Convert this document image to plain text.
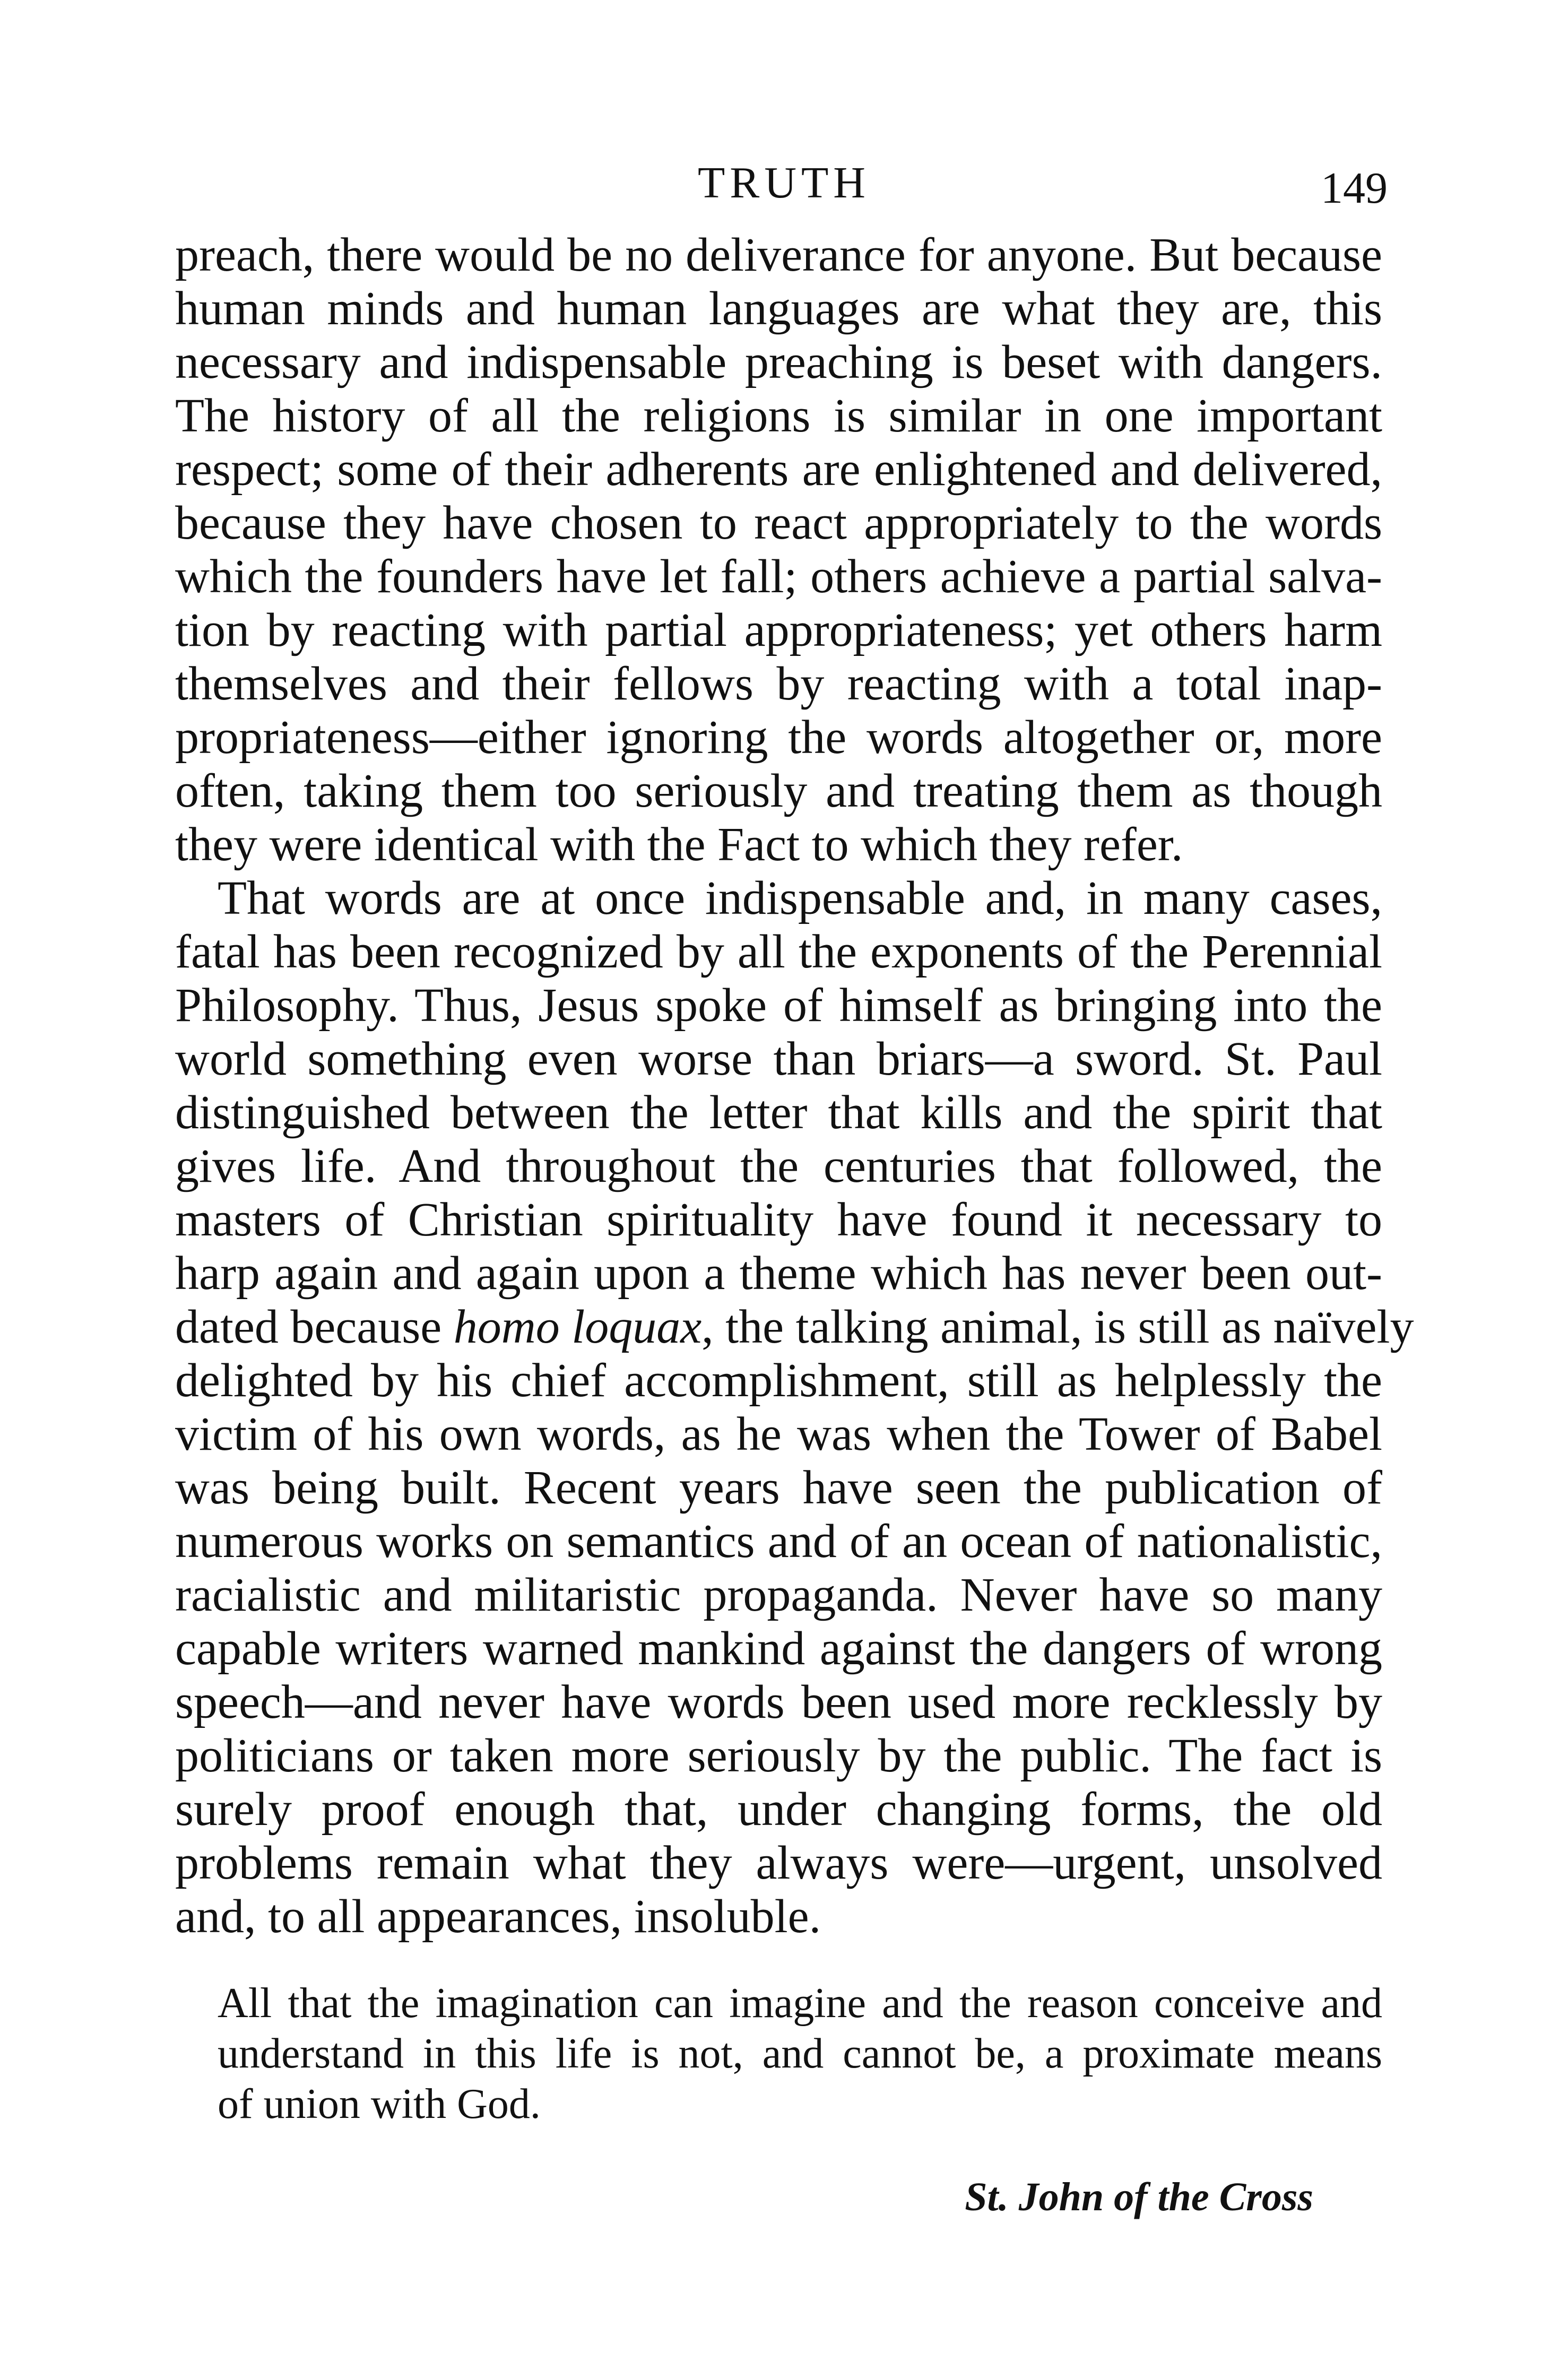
TRUTH	149
preach, there would be no deliverance for anyone. But because
human minds and human languages are what they are, this
necessary and indispensable preaching is beset with dangers.
The history of all the religions is similar in one important
respect; some of their adherents are enlightened and delivered,
because they have chosen to react appropriately to the words
which the founders have let fall; others achieve a partial salva-
tion by reacting with partial appropriateness; yet others harm
themselves and their fellows by reacting with a total inap-
propriateness—either ignoring the words altogether or, more
often, taking them too seriously and treating them as though
they were identical with the Fact to which they refer.
That words are at once indispensable and, in many cases,
fatal has been recognized by all the exponents of the Perennial
Philosophy. Thus, Jesus spoke of himself as bringing into the
world something even worse than briars—a sword. St. Paul
distinguished between the letter that kills and the spirit that
gives life. And throughout the centuries that followed, the
masters of Christian spirituality have found it necessary to
harp again and again upon a theme which has never been out-
dated because homo loquax, the talking animal, is still as naïvely
delighted by his chief accomplishment, still as helplessly the
victim of his own words, as he was when the Tower of Babel
was being built. Recent years have seen the publication of
numerous works on semantics and of an ocean of nationalistic,
racialistic and militaristic propaganda. Never have so many
capable writers warned mankind against the dangers of wrong
speech—and never have words been used more recklessly by
politicians or taken more seriously by the public. The fact is
surely proof enough that, under changing forms, the old
problems remain what they always were—urgent, unsolved
and, to all appearances, insoluble.
All that the imagination can imagine and the reason conceive and
understand in this life is not, and cannot be, a proximate means
of union with God.
St. John of the Cross
